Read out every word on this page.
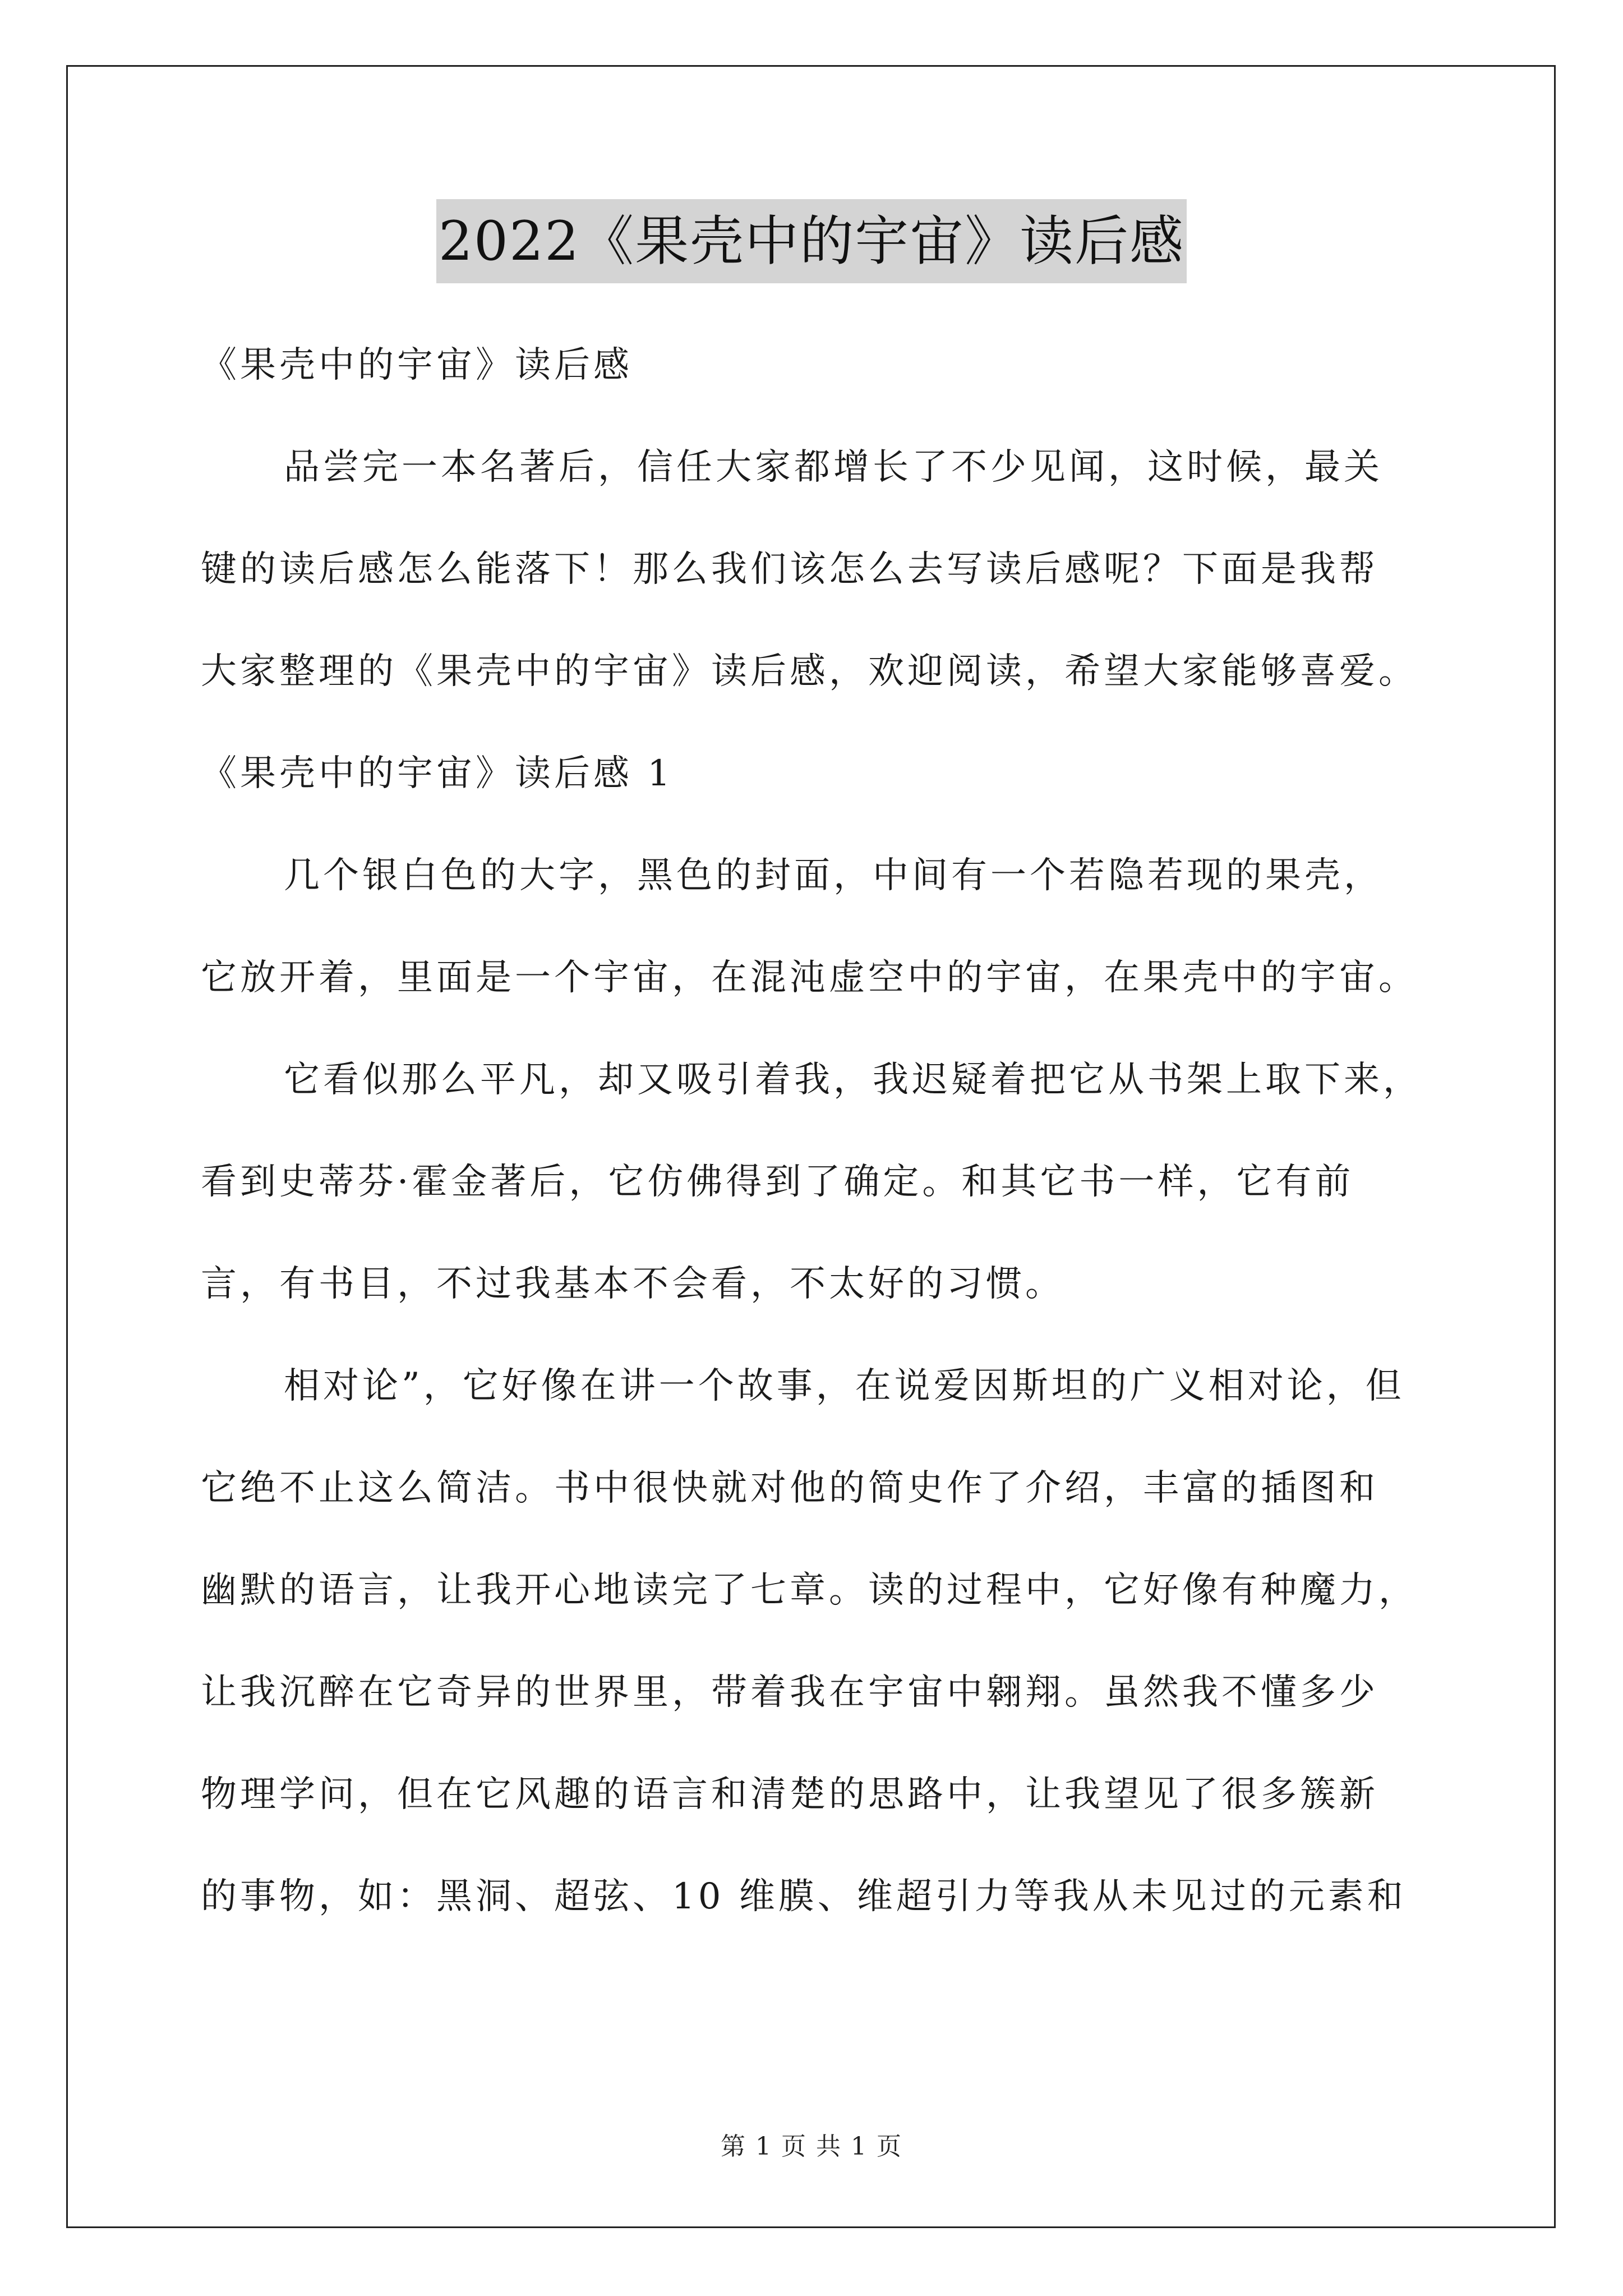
2022《果壳中的宇宙》读后感
《果壳中的宇宙》读后感
品尝完一本名著后，信任大家都增长了不少见闻，这时候，最关
键的读后感怎么能落下！那么我们该怎么去写读后感呢？下面是我帮
大家整理的《果壳中的宇宙》读后感，欢迎阅读，希望大家能够喜爱。
《果壳中的宇宙》读后感 1
几个银白色的大字，黑色的封面，中间有一个若隐若现的果壳，
它放开着，里面是一个宇宙，在混沌虚空中的宇宙，在果壳中的宇宙。
它看似那么平凡，却又吸引着我，我迟疑着把它从书架上取下来，
看到史蒂芬·霍金著后，它仿佛得到了确定。和其它书一样，它有前
言，有书目，不过我基本不会看，不太好的习惯。
相对论”，它好像在讲一个故事，在说爱因斯坦的广义相对论，但
它绝不止这么简洁。书中很快就对他的简史作了介绍，丰富的插图和
幽默的语言，让我开心地读完了七章。读的过程中，它好像有种魔力，
让我沉醉在它奇异的世界里，带着我在宇宙中翱翔。虽然我不懂多少
物理学问，但在它风趣的语言和清楚的思路中，让我望见了很多簇新
的事物，如：黑洞、超弦、10 维膜、维超引力等我从未见过的元素和
第 1 页 共 1 页
